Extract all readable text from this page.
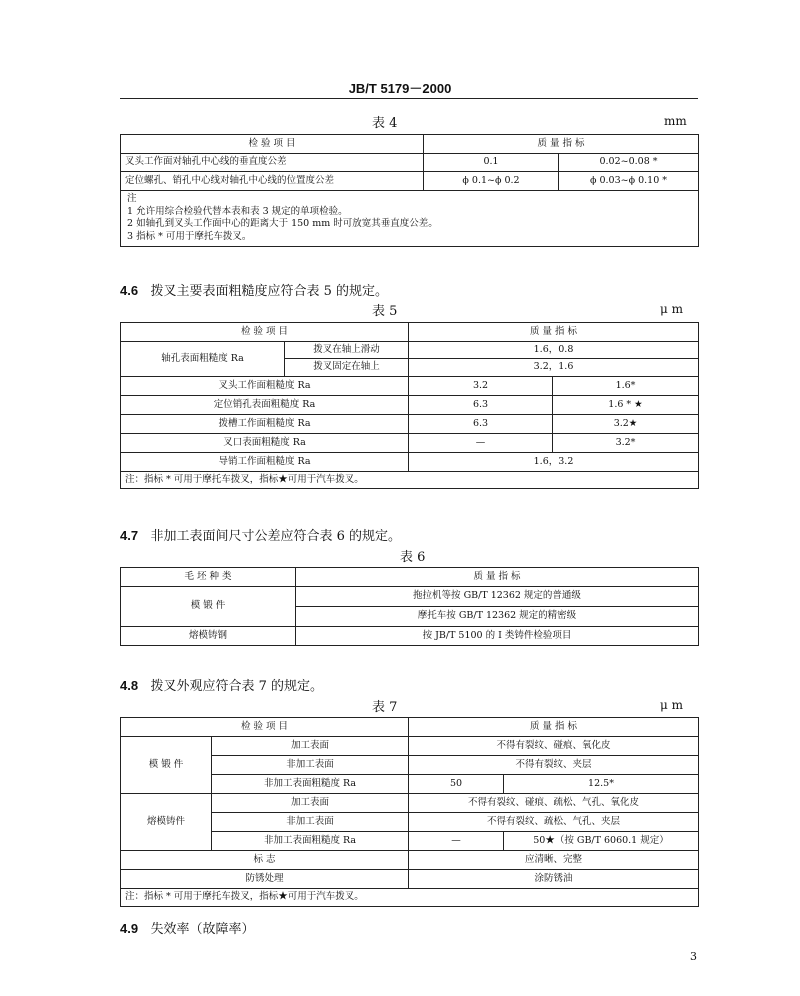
JB/T 5179－2000
表 4	mm
检 验 项 目	质 量 指 标	
叉头工作面对轴孔中心线的垂直度公差	0.1	0.02~0.08 *
定位螺孔、销孔中心线对轴孔中心线的位置度公差	ϕ 0.1~ϕ 0.2	ϕ 0.03~ϕ 0.10 *

注
1 允许用综合检验代替本表和表 3 规定的单项检验。
2 如轴孔到叉头工作面中心的距离大于 150 mm 时可放宽其垂直度公差。
3 指标 * 可用于摩托车拨叉。		
4.6 拨叉主要表面粗糙度应符合表 5 的规定。
表 5	μ m
检 验 项 目		质 量 指 标	
轴孔表面粗糙度 Ra	拨叉在轴上滑动	1.6，0.8	
	拨叉固定在轴上	3.2，1.6	
叉头工作面粗糙度 Ra		3.2	1.6*
定位销孔表面粗糙度 Ra		6.3	1.6 * ★
拨槽工作面粗糙度 Ra		6.3	3.2★
叉口表面粗糙度 Ra		—	3.2*
导销工作面粗糙度 Ra		1.6，3.2	
注：指标 * 可用于摩托车拨叉，指标★可用于汽车拨叉。			
4.7 非加工表面间尺寸公差应符合表 6 的规定。
表 6
毛 坯 种 类	质 量 指 标
模 锻 件	拖拉机等按 GB/T 12362 规定的普通级
	摩托车按 GB/T 12362 规定的精密级
熔模铸钢	按 JB/T 5100 的 I 类铸件检验项目
4.8 拨叉外观应符合表 7 的规定。
表 7	μ m
检 验 项 目		质 量 指 标	
模 锻 件	加工表面	不得有裂纹、碰痕、氧化皮	
	非加工表面	不得有裂纹、夹层	
	非加工表面粗糙度 Ra	50	12.5*
熔模铸件	加工表面	不得有裂纹、碰痕、疏松、气孔、氧化皮	
	非加工表面	不得有裂纹、疏松、气孔、夹层	
	非加工表面粗糙度 Ra	—	50★（按 GB/T 6060.1 规定）
标 志		应清晰、完整	
防锈处理		涂防锈油	
注：指标 * 可用于摩托车拨叉，指标★可用于汽车拨叉。			
4.9 失效率（故障率）
3
